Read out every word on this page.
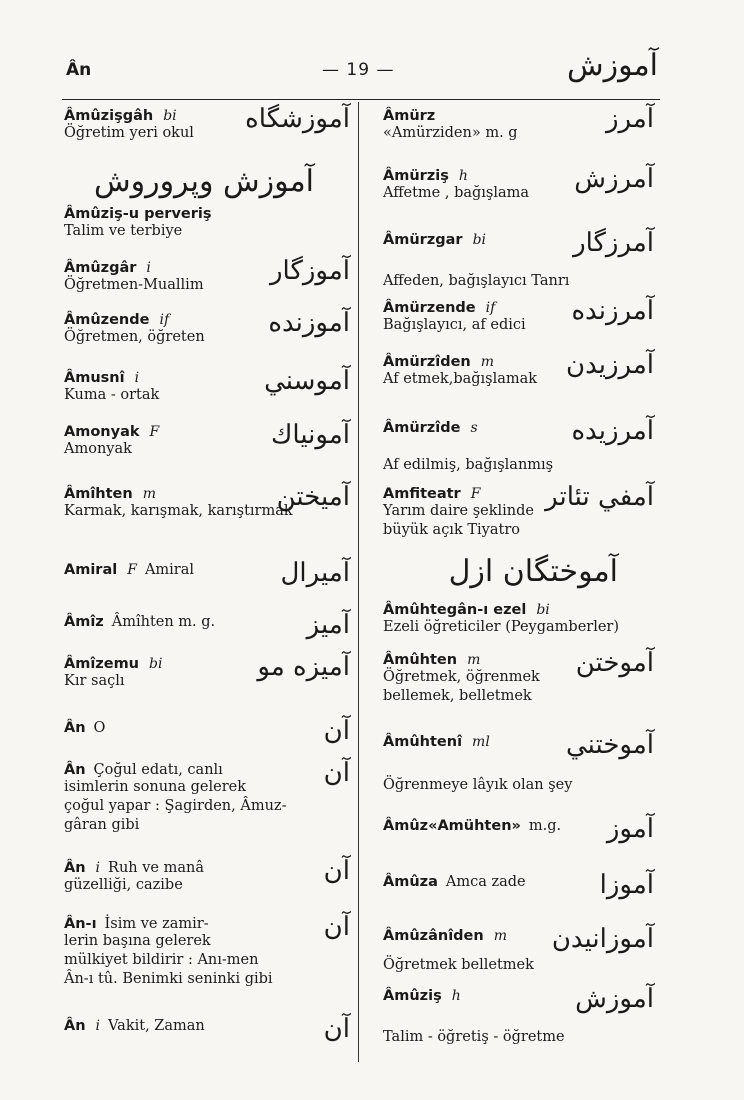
Ân	— 19 —	آموزش
Âmûzişgâh bi
Öğretim yeri okul	آموزشگاه
آموزش وپروروش
Âmûziş-u perveriş
Talim ve terbiye
Âmûzgâr i
Öğretmen-Muallim	آموزگار
Âmûzende if
Öğretmen, öğreten	آموزنده
Âmusnî i
Kuma - ortak	آموسني
Amonyak F
Amonyak	آمونياك
Âmîhten m
Karmak, karışmak, karıştırmak
آميختن
Amiral F Amiral	آميرال
Âmîz Âmîhten m. g.	آميز
Âmîzemu bi
Kır saçlı	آميزه مو
Ân O	آن
Ân Çoğul edatı, canlı
isimlerin sonuna gelerek
çoğul yapar : Şagirden, Âmuz-
gâran gibi
آن
Ân i Ruh ve manâ
güzelliği, cazibe	آن
Ân-ı İsim ve zamir-
lerin başına gelerek
mülkiyet bildirir : Anı-men
Ân-ı tû. Benimki seninki gibi
آن
Ân i Vakit, Zaman	آن
Âmürz
«Amürziden» m. g	آمرز
Âmürziş h
Affetme , bağışlama	آمرزش
Âmürzgar bi	آمرزگار
Affeden, bağışlayıcı Tanrı
Âmürzende if
Bağışlayıcı, af edici	آمرزنده
Âmürzîden m
Af etmek,bağışlamak	آمرزيدن
Âmürzîde s	آمرزيده
Af edilmiş, bağışlanmış
Amfiteatr F
Yarım daire şeklinde
büyük açık Tiyatro
آمفي تئاتر
آموختگان ازل
Âmûhtegân-ı ezel bi
Ezeli öğreticiler (Peygamberler)
Âmûhten m
Öğretmek, öğrenmek
bellemek, belletmek
آموختن
Âmûhtenî ml	آموختني
Öğrenmeye lâyık olan şey
Âmûz«Amühten» m.g.	آموز
Âmûza Amca zade	آموزا
Âmûzânîden m	آموزانيدن
Öğretmek belletmek
Âmûziş h	آموزش
Talim - öğretiş - öğretme
